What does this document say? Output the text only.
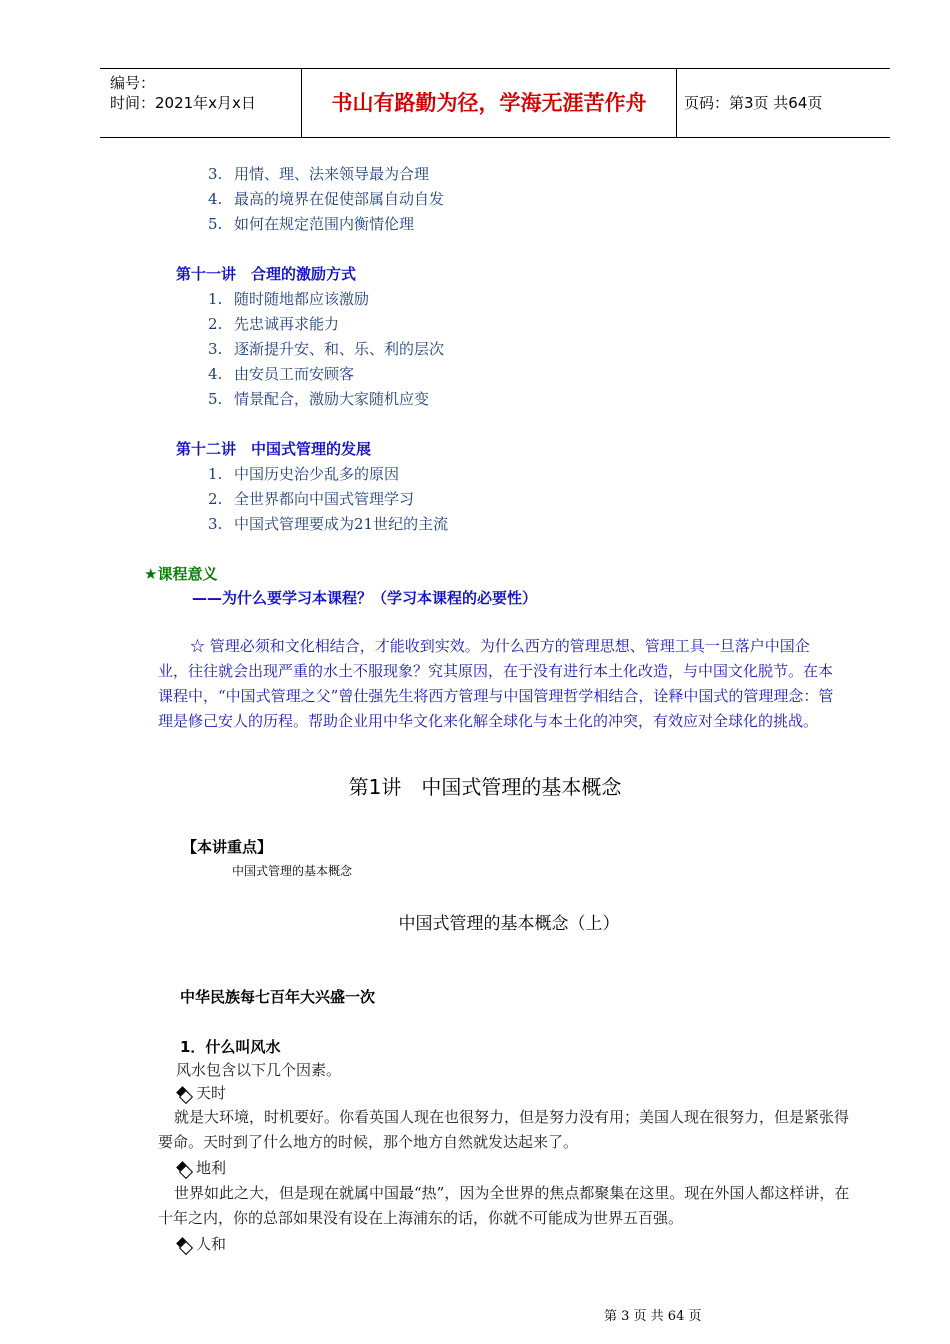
编号：
时间：2021年x月x日	书山有路勤为径，学海无涯苦作舟	页码：第3页 共64页
3. 用情、理、法来领导最为合理
4. 最高的境界在促使部属自动自发
5. 如何在规定范围内衡情伦理
第十一讲　合理的激励方式
1. 随时随地都应该激励
2. 先忠诚再求能力
3. 逐渐提升安、和、乐、利的层次
4. 由安员工而安顾客
5. 情景配合，激励大家随机应变
第十二讲　中国式管理的发展
1. 中国历史治少乱多的原因
2. 全世界都向中国式管理学习
3. 中国式管理要成为21世纪的主流
★课程意义
——为什么要学习本课程？（学习本课程的必要性）
☆ 管理必须和文化相结合，才能收到实效。为什么西方的管理思想、管理工具一旦落户中国企业，往往就会出现严重的水土不服现象？究其原因，在于没有进行本土化改造，与中国文化脱节。在本课程中，“中国式管理之父”曾仕强先生将西方管理与中国管理哲学相结合，诠释中国式的管理理念：管理是修己安人的历程。帮助企业用中华文化来化解全球化与本土化的冲突，有效应对全球化的挑战。
第1讲　中国式管理的基本概念
【本讲重点】
中国式管理的基本概念
中国式管理的基本概念（上）
中华民族每七百年大兴盛一次
1．什么叫风水
风水包含以下几个因素。
天时
就是大环境，时机要好。你看英国人现在也很努力，但是努力没有用；美国人现在很努力，但是紧张得要命。天时到了什么地方的时候，那个地方自然就发达起来了。
地利
世界如此之大，但是现在就属中国最“热”，因为全世界的焦点都聚集在这里。现在外国人都这样讲，在十年之内，你的总部如果没有设在上海浦东的话，你就不可能成为世界五百强。
人和
第 3 页 共 64 页
